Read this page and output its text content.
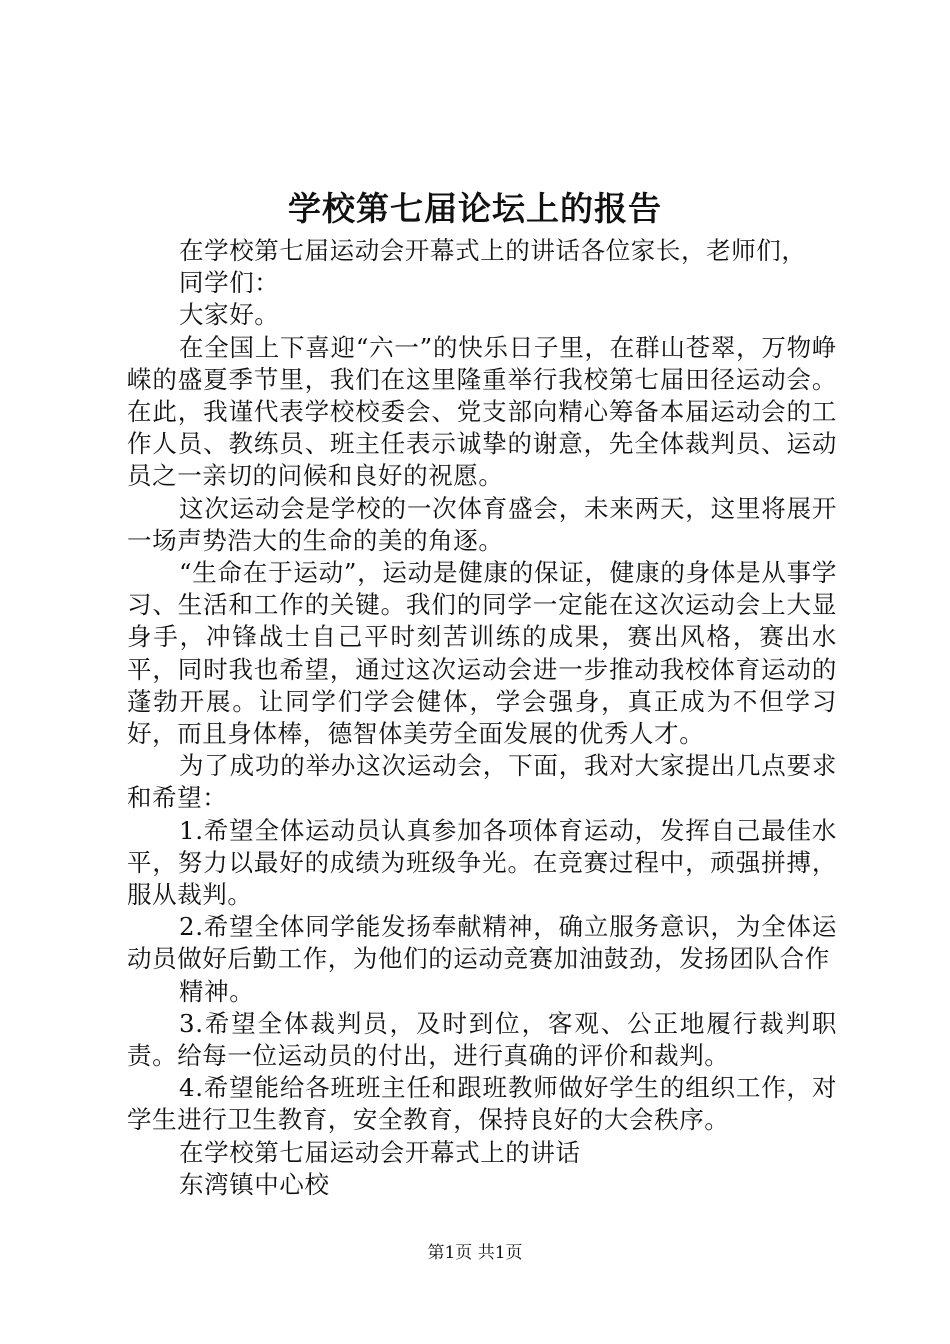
学校第七届论坛上的报告

在学校第七届运动会开幕式上的讲话各位家长，老师们，

同学们：

大家好。

在全国上下喜迎“六一”的快乐日子里，在群山苍翠，万物峥嵘的盛夏季节里，我们在这里隆重举行我校第七届田径运动会。在此，我谨代表学校校委会、党支部向精心筹备本届运动会的工作人员、教练员、班主任表示诚挚的谢意，先全体裁判员、运动员之一亲切的问候和良好的祝愿。

这次运动会是学校的一次体育盛会，未来两天，这里将展开一场声势浩大的生命的美的角逐。

“生命在于运动”，运动是健康的保证，健康的身体是从事学习、生活和工作的关键。我们的同学一定能在这次运动会上大显身手，冲锋战士自己平时刻苦训练的成果，赛出风格，赛出水平，同时我也希望，通过这次运动会进一步推动我校体育运动的蓬勃开展。让同学们学会健体，学会强身，真正成为不但学习好，而且身体棒，德智体美劳全面发展的优秀人才。

为了成功的举办这次运动会，下面，我对大家提出几点要求和希望：

1.希望全体运动员认真参加各项体育运动，发挥自己最佳水平，努力以最好的成绩为班级争光。在竞赛过程中，顽强拼搏，服从裁判。

2.希望全体同学能发扬奉献精神，确立服务意识，为全体运动员做好后勤工作，为他们的运动竞赛加油鼓劲，发扬团队合作

精神。

3.希望全体裁判员，及时到位，客观、公正地履行裁判职责。给每一位运动员的付出，进行真确的评价和裁判。

4.希望能给各班班主任和跟班教师做好学生的组织工作，对学生进行卫生教育，安全教育，保持良好的大会秩序。

在学校第七届运动会开幕式上的讲话

东湾镇中心校

第1页 共1页
